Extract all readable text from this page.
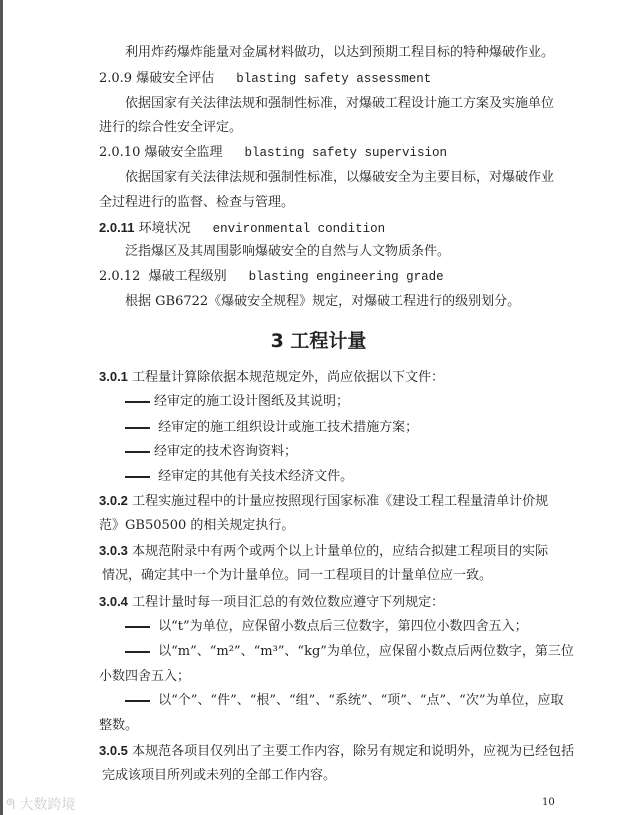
利用炸药爆炸能量对金属材料做功，以达到预期工程目标的特种爆破作业。
2.0.9 爆破安全评估 blasting safety assessment
依据国家有关法律法规和强制性标准，对爆破工程设计施工方案及实施单位
进行的综合性安全评定。
2.0.10 爆破安全监理 blasting safety supervision
依据国家有关法律法规和强制性标准，以爆破安全为主要目标，对爆破作业
全过程进行的监督、检查与管理。
2.0.11 环境状况 environmental condition
泛指爆区及其周围影响爆破安全的自然与人文物质条件。
2.0.12 爆破工程级别 blasting engineering grade
根据 GB6722《爆破安全规程》规定，对爆破工程进行的级别划分。
3 工程计量
3.0.1 工程量计算除依据本规范规定外，尚应依据以下文件：
经审定的施工设计图纸及其说明；
经审定的施工组织设计或施工技术措施方案；
经审定的技术咨询资料；
经审定的其他有关技术经济文件。
3.0.2 工程实施过程中的计量应按照现行国家标准《建设工程工程量清单计价规
范》GB50500 的相关规定执行。
3.0.3 本规范附录中有两个或两个以上计量单位的，应结合拟建工程项目的实际
情况，确定其中一个为计量单位。同一工程项目的计量单位应一致。
3.0.4 工程计量时每一项目汇总的有效位数应遵守下列规定：
以“t”为单位，应保留小数点后三位数字，第四位小数四舍五入；
以“m”、“m²”、“m³”、“kg”为单位，应保留小数点后两位数字，第三位
小数四舍五入；
以“个”、“件”、“根”、“组”、“系统”、“项”、“点”、“次”为单位，应取
整数。
3.0.5 本规范各项目仅列出了主要工作内容，除另有规定和说明外，应视为已经包括
完成该项目所列或未列的全部工作内容。
10
ᖗ 大数跨境
